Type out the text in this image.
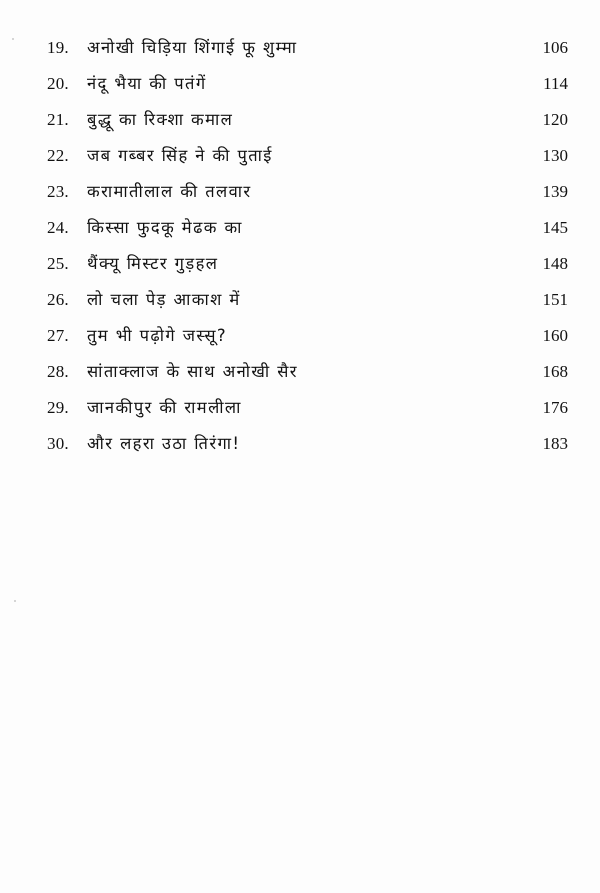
19. अनोखी चिड़िया शिंगाई फू शुम्मा	106
20. नंदू भैया की पतंगें	114
21. बुद्धू का रिक्शा कमाल	120
22. जब गब्बर सिंह ने की पुताई	130
23. करामातीलाल की तलवार	139
24. किस्सा फुदकू मेढक का	145
25. थैंक्यू मिस्टर गुड़हल	148
26. लो चला पेड़ आकाश में	151
27. तुम भी पढ़ोगे जस्सू?	160
28. सांताक्लाज के साथ अनोखी सैर	168
29. जानकीपुर की रामलीला	176
30. और लहरा उठा तिरंगा!	183
